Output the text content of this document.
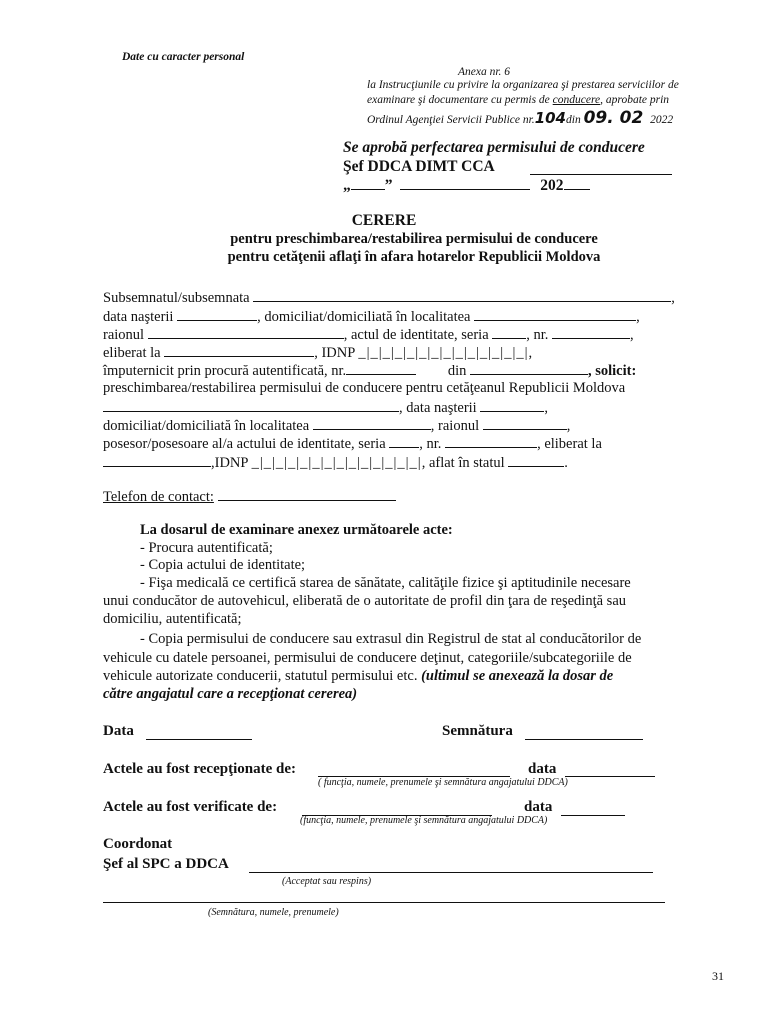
Date cu caracter personal
Anexa nr. 6
la Instrucţiunile cu privire la organizarea şi prestarea serviciilor de
examinare şi documentare cu permis de conducere, aprobate prin
Ordinul Agenţiei Servicii Publice nr.104din 09. 02 2022
Se aprobă perfectarea permisului de conducere
Şef DDCA DIMT CCA
„ ”	202
CERERE
pentru preschimbarea/restabilirea permisului de conducere
pentru cetăţenii aflaţi în afara hotarelor Republicii Moldova
Subsemnatul/subsemnata	,
data naşterii	, domiciliat/domiciliată în localitatea	,
raionul	, actul de identitate, seria	, nr.	,
eliberat la	, IDNP _|_|_|_|_|_|_|_|_|_|_|_|_|_|,
împuternicit prin procură autentificată, nr.	din	, solicit:
preschimbarea/restabilirea permisului de conducere pentru cetăţeanul Republicii Moldova
, data naşterii	,
domiciliat/domiciliată în localitatea	, raionul	,
posesor/posesoare al/a actului de identitate, seria , nr.	, eliberat la
,IDNP _|_|_|_|_|_|_|_|_|_|_|_|_|_|, aflat în statul	.
Telefon de contact:
La dosarul de examinare anexez următoarele acte:
- Procura autentificată;
- Copia actului de identitate;
- Fişa medicală ce certifică starea de sănătate, calităţile fizice şi aptitudinile necesare
unui conducător de autovehicul, eliberată de o autoritate de profil din ţara de reşedinţă sau
domiciliu, autentificată;
- Copia permisului de conducere sau extrasul din Registrul de stat al conducătorilor de
vehicule cu datele persoanei, permisului de conducere deţinut, categoriile/subcategoriile de
vehicule autorizate conducerii, statutul permisului etc. (ultimul se anexează la dosar de
către angajatul care a recepţionat cererea)
Data	Semnătura
Actele au fost recepţionate de:	data
( funcţia, numele, prenumele şi semnătura angajatului DDCA)
Actele au fost verificate de:	data
(funcţia, numele, prenumele şi semnătura angajatului DDCA)
Coordonat
Şef al SPC a DDCA
(Acceptat sau respins)
(Semnătura, numele, prenumele)
31
